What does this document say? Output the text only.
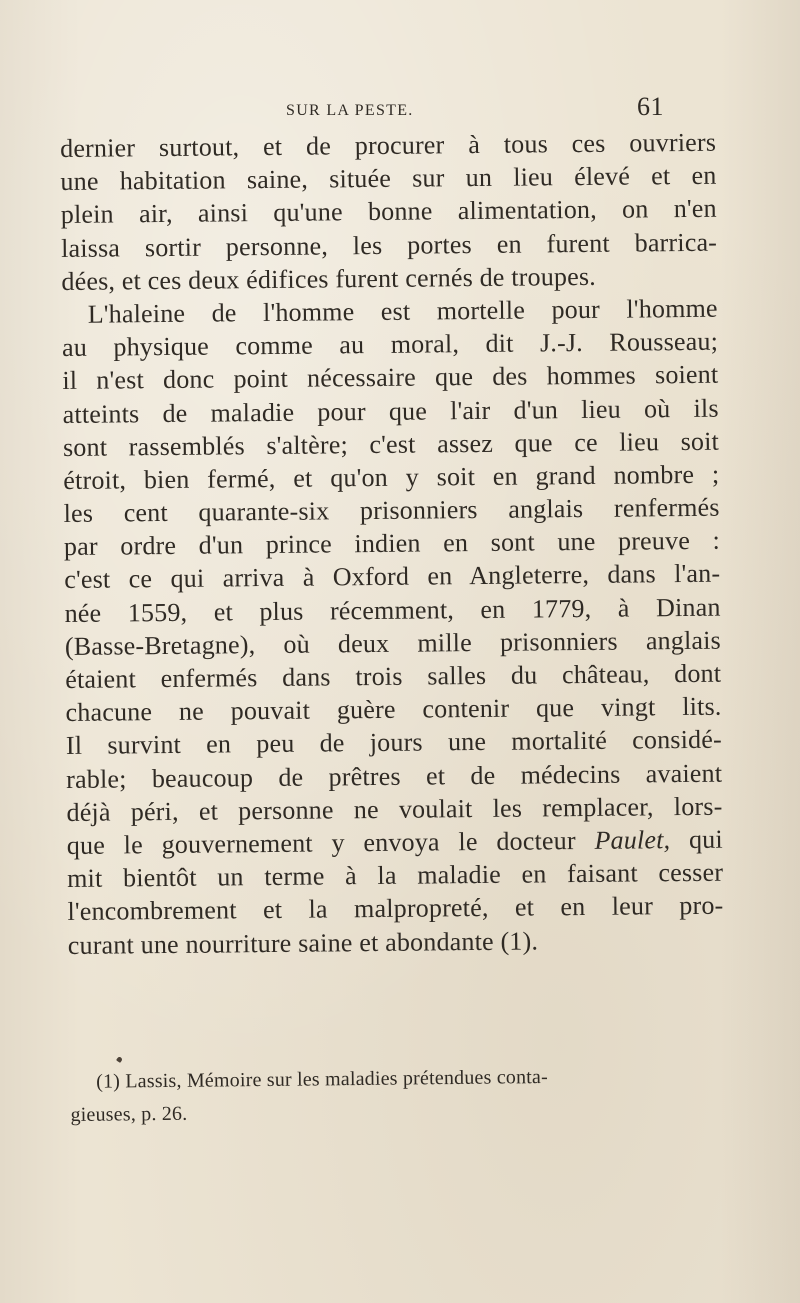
SUR LA PESTE.	61
dernier surtout, et de procurer à tous ces ouvriers
une habitation saine, située sur un lieu élevé et en
plein air, ainsi qu'une bonne alimentation, on n'en
laissa sortir personne, les portes en furent barrica-
dées, et ces deux édifices furent cernés de troupes.
L'haleine de l'homme est mortelle pour l'homme
au physique comme au moral, dit J.-J. Rousseau;
il n'est donc point nécessaire que des hommes soient
atteints de maladie pour que l'air d'un lieu où ils
sont rassemblés s'altère; c'est assez que ce lieu soit
étroit, bien fermé, et qu'on y soit en grand nombre ;
les cent quarante-six prisonniers anglais renfermés
par ordre d'un prince indien en sont une preuve :
c'est ce qui arriva à Oxford en Angleterre, dans l'an-
née 1559, et plus récemment, en 1779, à Dinan
(Basse-Bretagne), où deux mille prisonniers anglais
étaient enfermés dans trois salles du château, dont
chacune ne pouvait guère contenir que vingt lits.
Il survint en peu de jours une mortalité considé-
rable; beaucoup de prêtres et de médecins avaient
déjà péri, et personne ne voulait les remplacer, lors-
que le gouvernement y envoya le docteur Paulet, qui
mit bientôt un terme à la maladie en faisant cesser
l'encombrement et la malpropreté, et en leur pro-
curant une nourriture saine et abondante (1).
(1) Lassis, Mémoire sur les maladies prétendues conta-
gieuses, p. 26.
